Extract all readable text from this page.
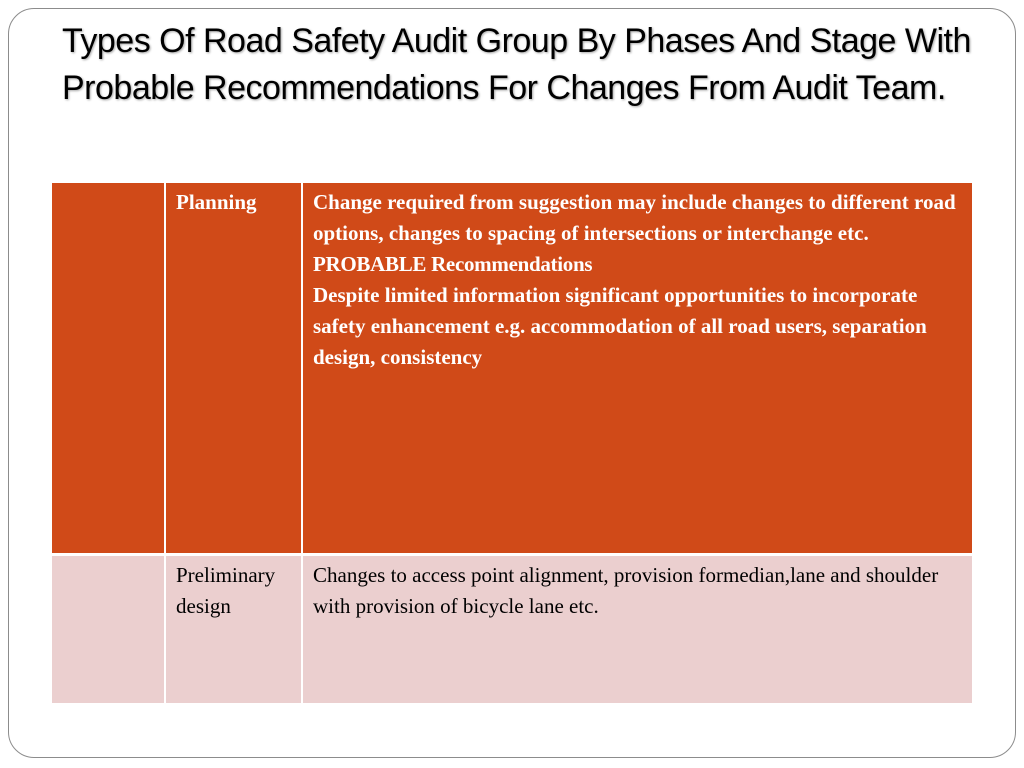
Types Of Road Safety Audit Group By Phases And Stage With Probable Recommendations For Changes From Audit Team.
	Planning	Change required from suggestion may include changes to different road options, changes to spacing of intersections or interchange etc.
PROBABLE Recommendations
Despite limited information significant opportunities to incorporate safety enhancement e.g. accommodation of all road users, separation design, consistency

	Preliminary design	Changes to access point alignment, provision formedian,lane and shoulder with provision of bicycle lane etc.
